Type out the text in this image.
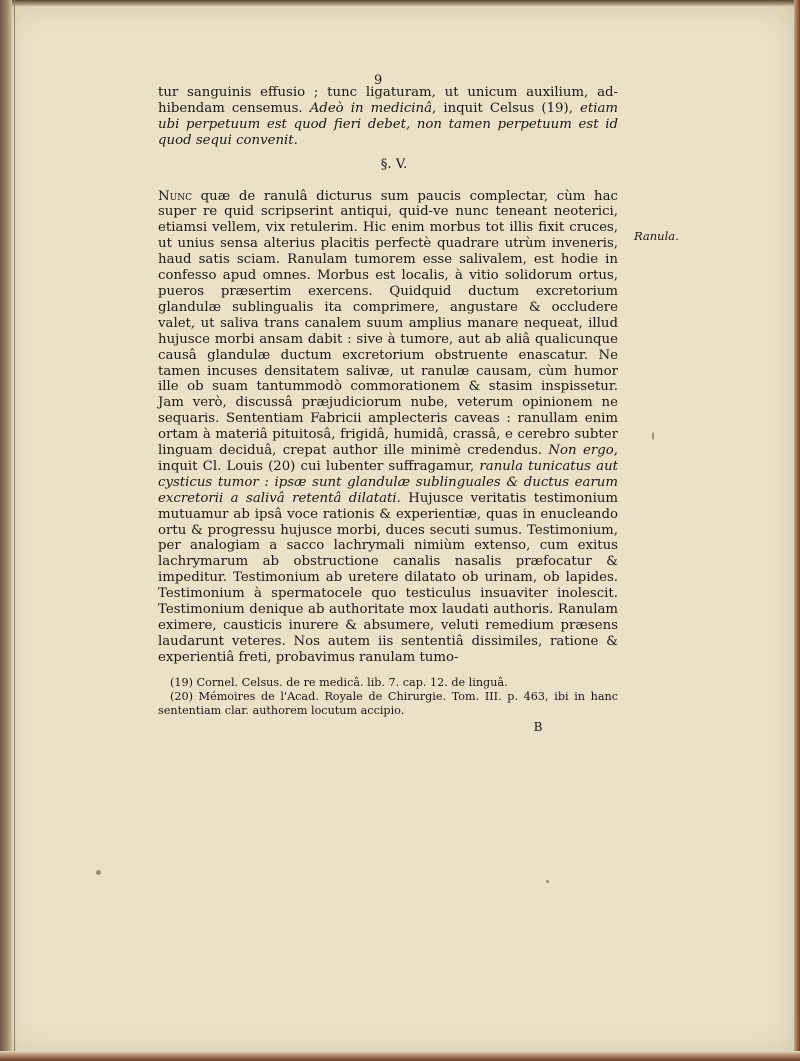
9
Ranula.

tur sanguinis effusio ; tunc ligaturam, ut unicum auxilium, ad- hibendam censemus. Adeò in medicinâ, inquit Celsus (19), etiam ubi perpetuum est quod fieri debet, non tamen perpetuum est id quod sequi convenit.

§. V.

Nunc quæ de ranulâ dicturus sum paucis complectar, cùm hac super re quid scripserint antiqui, quid-ve nunc teneant neoterici, etiamsi vellem, vix retulerim. Hic enim morbus tot illis fixit cruces, ut unius sensa alterius placitis perfectè quadrare utrùm inveneris, haud satis sciam. Ranulam tumorem esse salivalem, est hodie in confesso apud omnes. Morbus est localis, à vitio solidorum ortus, pueros præsertim exercens. Quidquid ductum excretorium glandulæ sublingualis ita comprimere, angustare & occludere valet, ut saliva trans canalem suum amplius manare nequeat, illud hujusce morbi ansam dabit : sive à tumore, aut ab aliâ qualicunque causâ glandulæ ductum excretorium obstruente enascatur. Ne tamen incuses densitatem salivæ, ut ranulæ causam, cùm humor ille ob suam tantummodò commorationem & stasim inspissetur. Jam verò, discussâ præjudiciorum nube, veterum opinionem ne sequaris. Sententiam Fabricii amplecteris caveas : ranullam enim ortam à materiâ pituitosâ, frigidâ, humidâ, crassâ, e cerebro subter linguam deciduâ, crepat author ille minimè credendus. Non ergo, inquit Cl. Louis (20) cui lubenter suffragamur, ranula tunicatus aut cysticus tumor : ipsæ sunt glandulæ sublinguales & ductus earum excretorii a salivâ retentâ dilatati. Hujusce veritatis testimonium mutuamur ab ipsâ voce rationis & experientiæ, quas in enucleando ortu & progressu hujusce morbi, duces secuti sumus. Testimonium, per analogiam a sacco lachrymali nimiùm extenso, cum exitus lachrymarum ab obstructione canalis nasalis præfocatur & impeditur. Testimonium ab uretere dilatato ob urinam, ob lapides. Testimonium à spermatocele quo testiculus insuaviter inolescit. Testimonium denique ab authoritate mox laudati authoris. Ranulam eximere, causticis inurere & absumere, veluti remedium præsens laudarunt veteres. Nos autem iis sententiâ dissimiles, ratione & experientiâ freti, probavimus ranulam tumo-

(19) Cornel. Celsus. de re medicâ. lib. 7. cap. 12. de linguâ.

(20) Mémoires de l'Acad. Royale de Chirurgie. Tom. III. p. 463, ibi in hanc sententiam clar. authorem locutum accipio.

B
